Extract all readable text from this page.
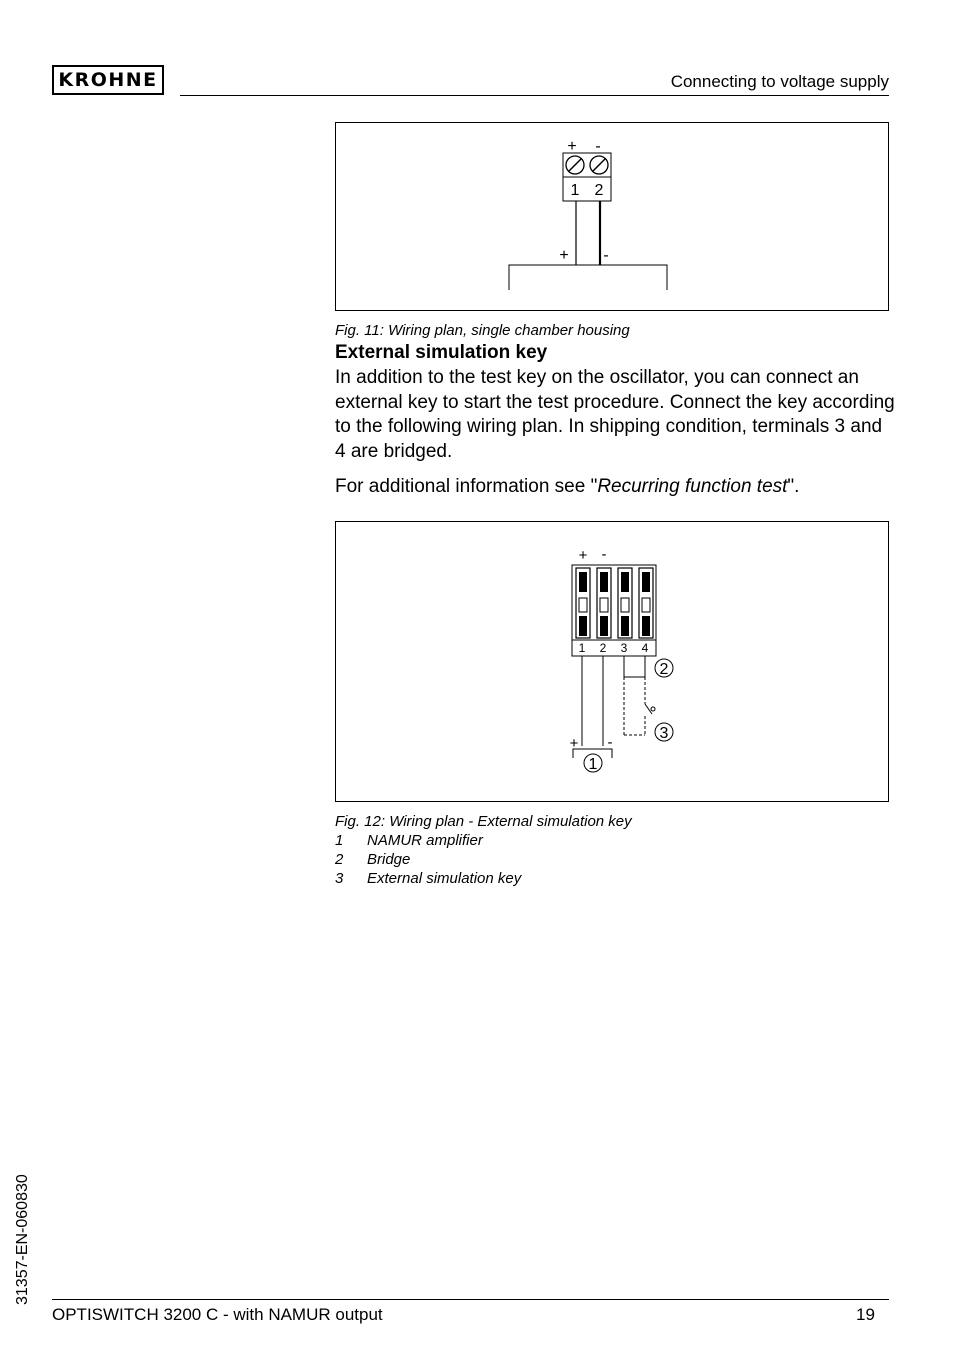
KROHNE	Connecting to voltage supply
+ -
1 2
+ -
Fig. 11: Wiring plan, single chamber housing
External simulation key
In addition to the test key on the oscillator, you can connect an external key to start the test procedure. Connect the key according to the following wiring plan. In shipping condition, terminals 3 and 4 are bridged.
For additional information see "Recurring function test".
+ -
1 2 3 4
+ -
1
2
3
Fig. 12: Wiring plan - External simulation key
1	NAMUR amplifier
2	Bridge
3	External simulation key
31357-EN-060830
OPTISWITCH 3200 C - with NAMUR output	19
